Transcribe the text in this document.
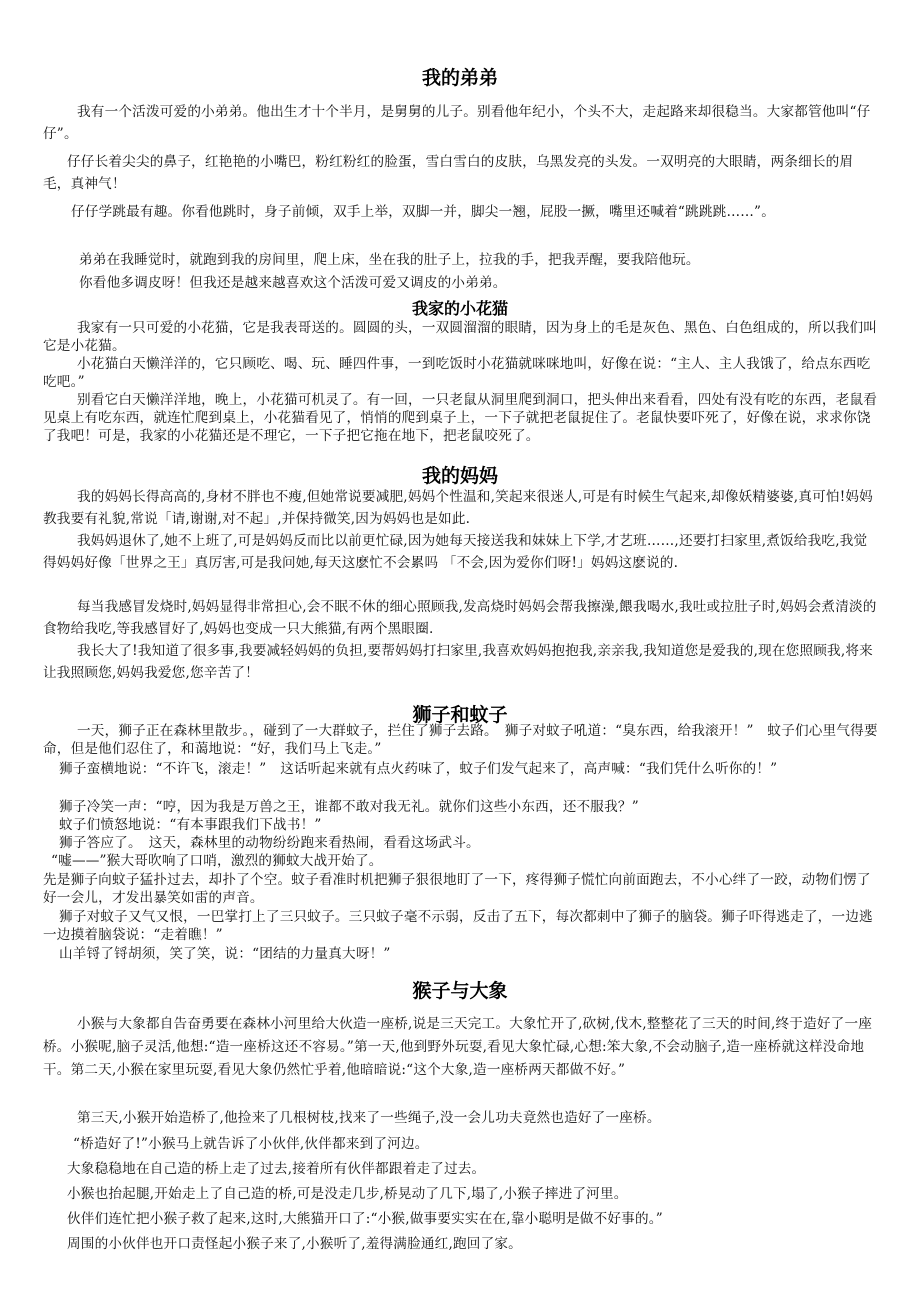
我的弟弟

我有一个活泼可爱的小弟弟。他出生才十个半月，是舅舅的儿子。别看他年纪小，个头不大，走起路来却很稳当。大家都管他叫“仔仔”。

仔仔长着尖尖的鼻子，红艳艳的小嘴巴，粉红粉红的脸蛋，雪白雪白的皮肤，乌黑发亮的头发。一双明亮的大眼睛，两条细长的眉毛，真神气！

仔仔学跳最有趣。你看他跳时，身子前倾，双手上举，双脚一并，脚尖一翘，屁股一撅，嘴里还喊着“跳跳跳……”。

弟弟在我睡觉时，就跑到我的房间里，爬上床，坐在我的肚子上，拉我的手，把我弄醒，要我陪他玩。

你看他多调皮呀！但我还是越来越喜欢这个活泼可爱又调皮的小弟弟。

我家的小花猫

我家有一只可爱的小花猫，它是我表哥送的。圆圆的头，一双圆溜溜的眼睛，因为身上的毛是灰色、黑色、白色组成的，所以我们叫它是小花猫。

小花猫白天懒洋洋的，它只顾吃、喝、玩、睡四件事，一到吃饭时小花猫就咪咪地叫，好像在说：“主人、主人我饿了，给点东西吃吃吧。”

别看它白天懒洋洋地，晚上，小花猫可机灵了。有一回，一只老鼠从洞里爬到洞口，把头伸出来看看，四处有没有吃的东西，老鼠看见桌上有吃东西，就连忙爬到桌上，小花猫看见了，悄悄的爬到桌子上，一下子就把老鼠捉住了。老鼠快要吓死了，好像在说，求求你饶了我吧！可是，我家的小花猫还是不理它，一下子把它拖在地下，把老鼠咬死了。

我的妈妈

我的妈妈长得高高的,身材不胖也不瘦,但她常说要减肥,妈妈个性温和,笑起来很迷人,可是有时候生气起来,却像妖精婆婆,真可怕!妈妈教我要有礼貌,常说「请,谢谢,对不起」,并保持微笑,因为妈妈也是如此.

我妈妈退休了,她不上班了,可是妈妈反而比以前更忙碌,因为她每天接送我和妹妹上下学,才艺班……,还要打扫家里,煮饭给我吃,我觉得妈妈好像「世界之王」真厉害,可是我问她,每天这麽忙不会累吗 「不会,因为爱你们呀!」妈妈这麽说的.

每当我感冒发烧时,妈妈显得非常担心,会不眠不休的细心照顾我,发高烧时妈妈会帮我擦澡,餵我喝水,我吐或拉肚子时,妈妈会煮清淡的食物给我吃,等我感冒好了,妈妈也变成一只大熊猫,有两个黑眼圈.

我长大了!我知道了很多事,我要减轻妈妈的负担,要帮妈妈打扫家里,我喜欢妈妈抱抱我,亲亲我,我知道您是爱我的,现在您照顾我,将来让我照顾您,妈妈我爱您,您辛苦了！

狮子和蚊子

一天，狮子正在森林里散步。，碰到了一大群蚊子，拦住了狮子去路。　狮子对蚊子吼道：“臭东西，给我滚开！”　蚊子们心里气得要命，但是他们忍住了，和蔼地说：“好，我们马上飞走。”

狮子蛮横地说：“不许飞，滚走！”　这话听起来就有点火药味了，蚊子们发气起来了，高声喊：“我们凭什么听你的！”

狮子冷笑一声：“哼，因为我是万兽之王，谁都不敢对我无礼。就你们这些小东西，还不服我？”

蚊子们愤怒地说：“有本事跟我们下战书！”

狮子答应了。　这天，森林里的动物纷纷跑来看热闹，看看这场武斗。

“嘘——”猴大哥吹响了口哨，激烈的狮蚊大战开始了。

先是狮子向蚊子猛扑过去，却扑了个空。蚊子看准时机把狮子狠很地盯了一下，疼得狮子慌忙向前面跑去，不小心绊了一跤，动物们愣了好一会儿，才发出暴笑如雷的声音。

狮子对蚊子又气又恨，一巴掌打上了三只蚊子。三只蚊子毫不示弱，反击了五下，每次都刺中了狮子的脑袋。狮子吓得逃走了，一边逃一边摸着脑袋说：“走着瞧！”

山羊锊了锊胡须，笑了笑，说：“团结的力量真大呀！”

猴子与大象

小猴与大象都自告奋勇要在森林小河里给大伙造一座桥,说是三天完工。大象忙开了,砍树,伐木,整整花了三天的时间,终于造好了一座桥。小猴呢,脑子灵活,他想:“造一座桥这还不容易。”第一天,他到野外玩耍,看见大象忙碌,心想:笨大象,不会动脑子,造一座桥就这样没命地干。第二天,小猴在家里玩耍,看见大象仍然忙乎着,他暗暗说:“这个大象,造一座桥两天都做不好。”

第三天,小猴开始造桥了,他捡来了几根树枝,找来了一些绳子,没一会儿功夫竟然也造好了一座桥。

“桥造好了!”小猴马上就告诉了小伙伴,伙伴都来到了河边。

大象稳稳地在自己造的桥上走了过去,接着所有伙伴都跟着走了过去。

小猴也抬起腿,开始走上了自己造的桥,可是没走几步,桥晃动了几下,塌了,小猴子摔进了河里。

伙伴们连忙把小猴子救了起来,这时,大熊猫开口了:“小猴,做事要实实在在,靠小聪明是做不好事的。”

周围的小伙伴也开口责怪起小猴子来了,小猴听了,羞得满脸通红,跑回了家。
